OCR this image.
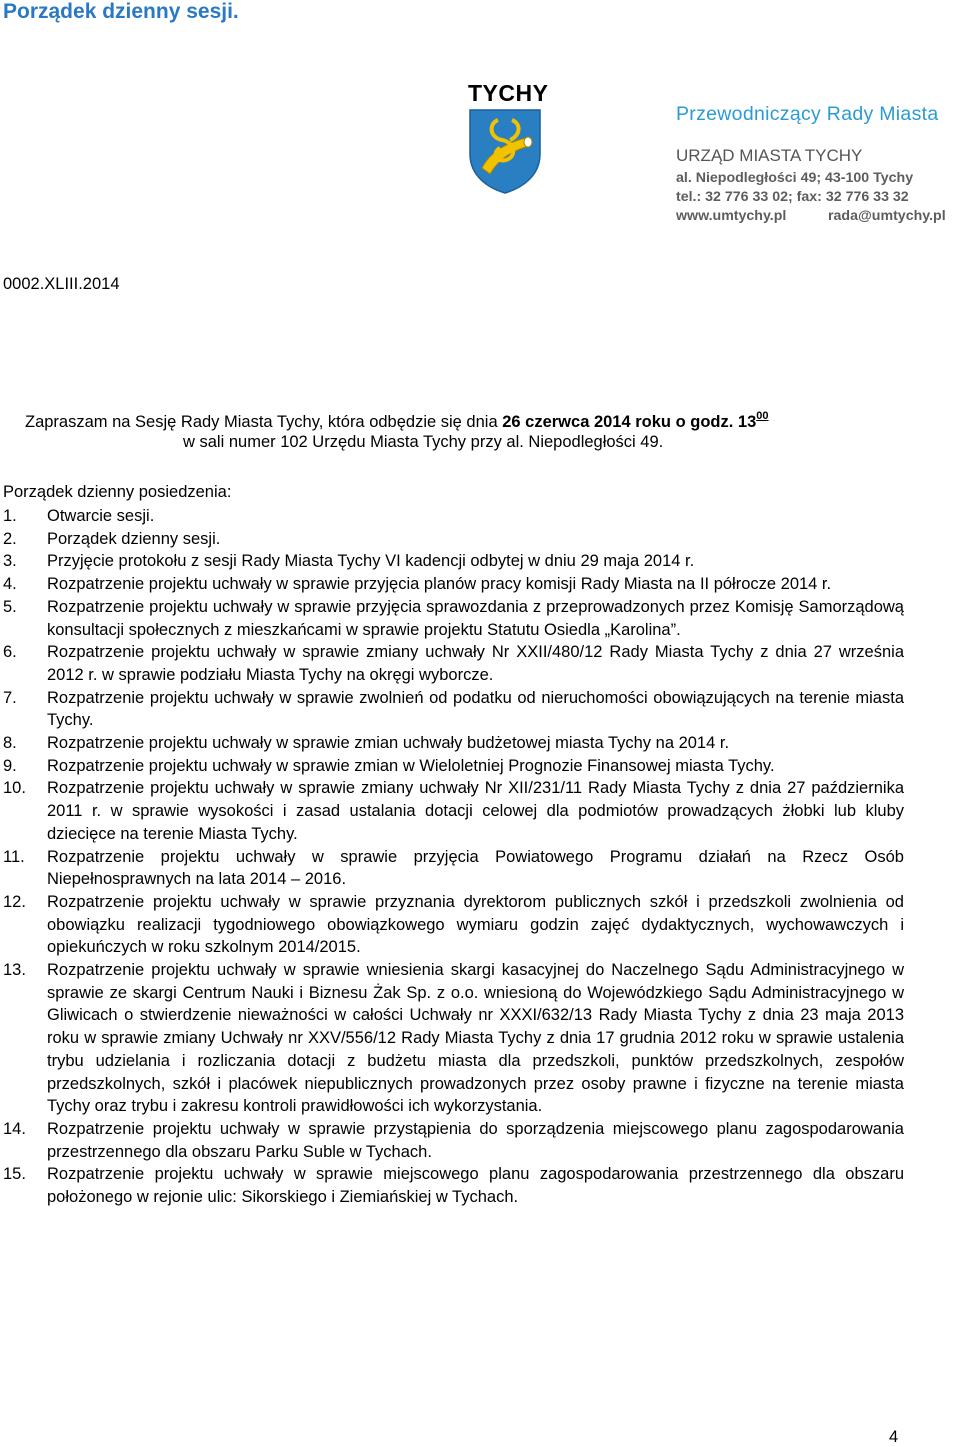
Porządek dzienny sesji.
TYCHY
Przewodniczący Rady Miasta
URZĄD MIASTA TYCHY
al. Niepodległości 49; 43-100 Tychy
tel.: 32 776 33 02; fax: 32 776 33 32
www.umtychy.pl	rada@umtychy.pl
0002.XLIII.2014
Zapraszam na Sesję Rady Miasta Tychy, która odbędzie się dnia 26 czerwca 2014 roku o godz. $13^{00}$
w sali numer 102 Urzędu Miasta Tychy przy al. Niepodległości 49.
Porządek dzienny posiedzenia:
1.	Otwarcie sesji.
2.	Porządek dzienny sesji.
3.	Przyjęcie protokołu z sesji Rady Miasta Tychy VI kadencji odbytej w dniu 29 maja 2014 r.
4.	Rozpatrzenie projektu uchwały w sprawie przyjęcia planów pracy komisji Rady Miasta na II półrocze 2014 r.
5.	Rozpatrzenie projektu uchwały w sprawie przyjęcia sprawozdania z przeprowadzonych przez Komisję Samorządową konsultacji społecznych z mieszkańcami w sprawie projektu Statutu Osiedla „Karolina”.
6.	Rozpatrzenie projektu uchwały w sprawie zmiany uchwały Nr XXII/480/12 Rady Miasta Tychy z dnia 27 września 2012 r. w sprawie podziału Miasta Tychy na okręgi wyborcze.
7.	Rozpatrzenie projektu uchwały w sprawie zwolnień od podatku od nieruchomości obowiązujących na terenie miasta Tychy.
8.	Rozpatrzenie projektu uchwały w sprawie zmian uchwały budżetowej miasta Tychy na 2014 r.
9.	Rozpatrzenie projektu uchwały w sprawie zmian w Wieloletniej Prognozie Finansowej miasta Tychy.
10.	Rozpatrzenie projektu uchwały w sprawie zmiany uchwały Nr XII/231/11 Rady Miasta Tychy z dnia 27 października 2011 r. w sprawie wysokości i zasad ustalania dotacji celowej dla podmiotów prowadzących żłobki lub kluby dziecięce na terenie Miasta Tychy.
11.	Rozpatrzenie projektu uchwały w sprawie przyjęcia Powiatowego Programu działań na Rzecz Osób Niepełnosprawnych na lata 2014 – 2016.
12.	Rozpatrzenie projektu uchwały w sprawie przyznania dyrektorom publicznych szkół i przedszkoli zwolnienia od obowiązku realizacji tygodniowego obowiązkowego wymiaru godzin zajęć dydaktycznych, wychowawczych i opiekuńczych w roku szkolnym 2014/2015.
13.	Rozpatrzenie projektu uchwały w sprawie wniesienia skargi kasacyjnej do Naczelnego Sądu Administracyjnego w sprawie ze skargi Centrum Nauki i Biznesu Żak Sp. z o.o. wniesioną do Wojewódzkiego Sądu Administracyjnego w Gliwicach o stwierdzenie nieważności w całości Uchwały nr XXXI/632/13 Rady Miasta Tychy z dnia 23 maja 2013 roku w sprawie zmiany Uchwały nr XXV/556/12 Rady Miasta Tychy z dnia 17 grudnia 2012 roku w sprawie ustalenia trybu udzielania i rozliczania dotacji z budżetu miasta dla przedszkoli, punktów przedszkolnych, zespołów przedszkolnych, szkół i placówek niepublicznych prowadzonych przez osoby prawne i fizyczne na terenie miasta Tychy oraz trybu i zakresu kontroli prawidłowości ich wykorzystania.
14.	Rozpatrzenie projektu uchwały w sprawie przystąpienia do sporządzenia miejscowego planu zagospodarowania przestrzennego dla obszaru Parku Suble w Tychach.
15.	Rozpatrzenie projektu uchwały w sprawie miejscowego planu zagospodarowania przestrzennego dla obszaru położonego w rejonie ulic: Sikorskiego i Ziemiańskiej w Tychach.
4
